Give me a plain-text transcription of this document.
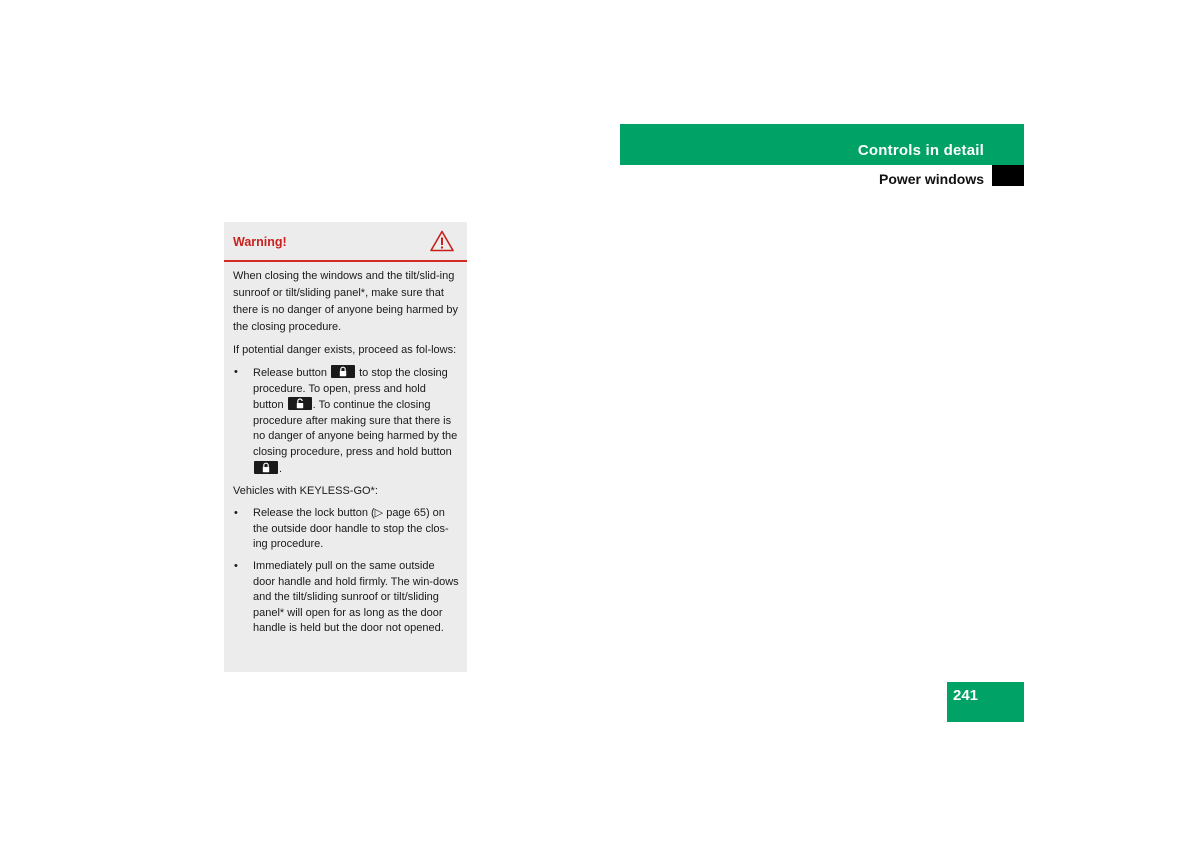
Controls in detail
Power windows
Warning!

When closing the windows and the tilt/slid-ing sunroof or tilt/sliding panel*, make sure that there is no danger of anyone being harmed by the closing procedure.

If potential danger exists, proceed as fol-lows:

• Release button	to stop the closing procedure. To open, press and hold button	. To continue the closing procedure after making sure that there is no danger of anyone being harmed by the closing procedure, press and hold button
.

Vehicles with KEYLESS-GO*:

• Release the lock button (▷ page 65) on the outside door handle to stop the clos-ing procedure.
• Immediately pull on the same outside door handle and hold firmly. The win-dows and the tilt/sliding sunroof or tilt/sliding panel* will open for as long as the door handle is held but the door not opened.
241
